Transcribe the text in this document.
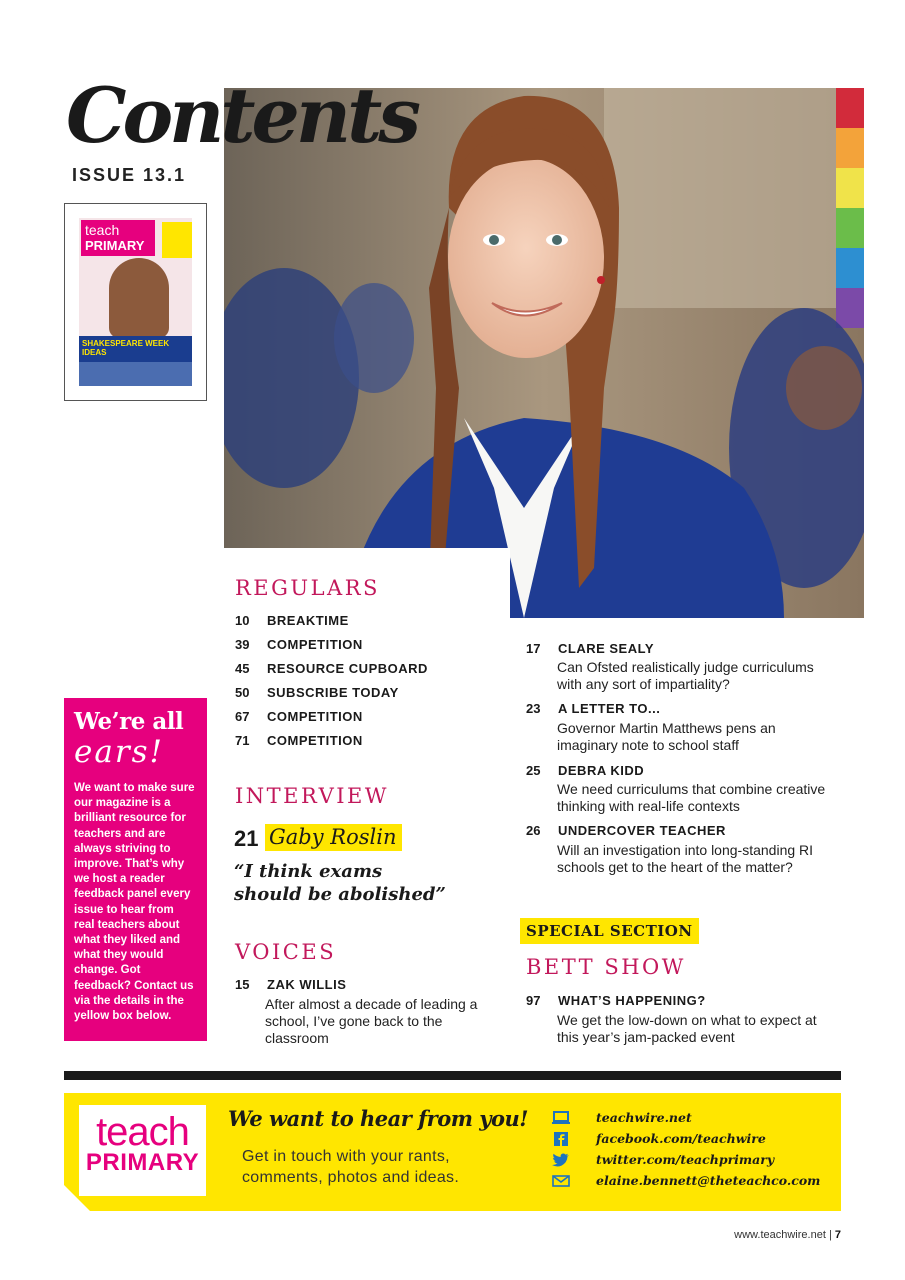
Contents
ISSUE 13.1
teach
PRIMARY
SHAKESPEARE WEEK IDEAS
REGULARS
10 BREAKTIME
39 COMPETITION
45 RESOURCE CUPBOARD
50 SUBSCRIBE TODAY
67 COMPETITION
71 COMPETITION
INTERVIEW
21 Gaby Roslin
“I think exams should be abolished”
VOICES
15 ZAK WILLIS
After almost a decade of leading a school, I’ve gone back to the classroom
17 CLARE SEALY
Can Ofsted realistically judge curriculums with any sort of impartiality?
23 A LETTER TO...
Governor Martin Matthews pens an imaginary note to school staff
25 DEBRA KIDD
We need curriculums that combine creative thinking with real-life contexts
26 UNDERCOVER TEACHER
Will an investigation into long-standing RI schools get to the heart of the matter?
SPECIAL SECTION
BETT SHOW
97 WHAT’S HAPPENING?
We get the low-down on what to expect at this year’s jam-packed event
We’re all
ears!
We want to make sure our magazine is a brilliant resource for teachers and are always striving to improve. That’s why we host a reader feedback panel every issue to hear from real teachers about what they liked and what they would change. Got feedback? Contact us via the details in the yellow box below.
teach
PRIMARY
We want to hear from you!
Get in touch with your rants, comments, photos and ideas.
teachwire.net
facebook.com/teachwire
twitter.com/teachprimary
elaine.bennett@theteachco.com
www.teachwire.net | 7
